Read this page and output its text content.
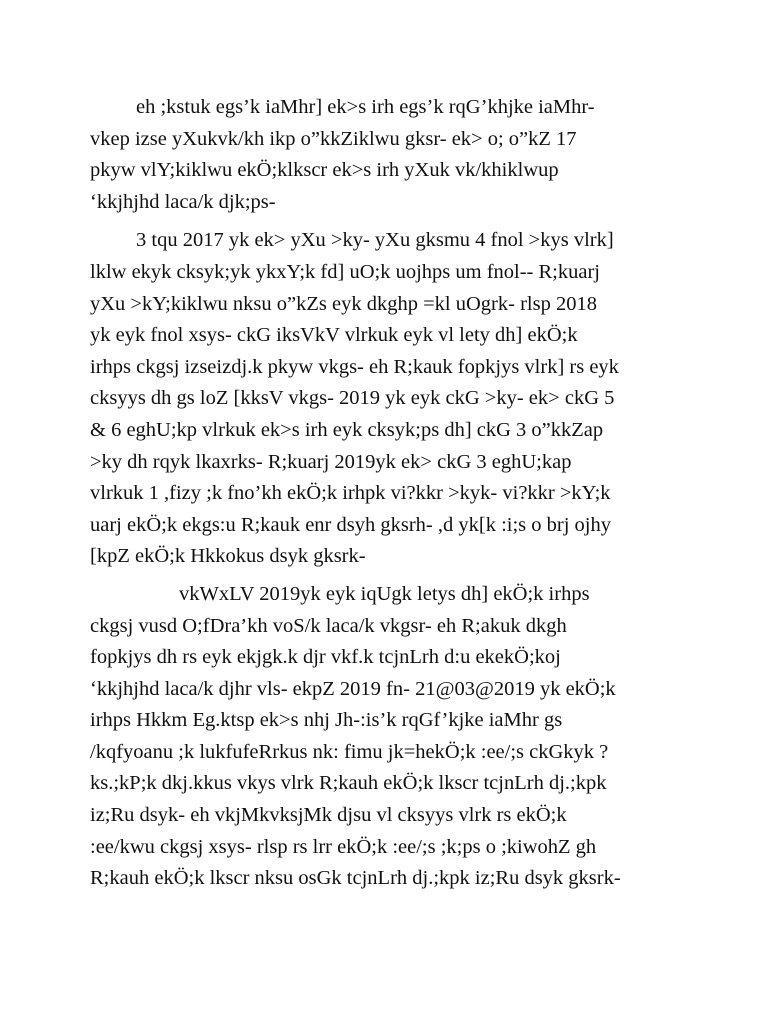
eh ;kstuk egs’k iaMhr] ek>s irh egs’k rqG’khjke iaMhr-
vkep izse yXukvk/kh ikp o”kkZiklwu gksr- ek> o; o”kZ 17
pkyw vlY;kiklwu ekÖ;klkscr ek>s irh yXuk vk/khiklwup
‘kkjhjhd laca/k djk;ps-

3 tqu 2017 yk ek> yXu >ky- yXu gksmu 4 fnol >kys vlrk]
lklw ekyk cksyk;yk ykxY;k fd] uO;k uojhps um fnol-- R;kuarj
yXu >kY;kiklwu nksu o”kZs eyk dkghp =kl uOgrk- rlsp 2018
yk eyk fnol xsys- ckG iksVkV vlrkuk eyk vl lety dh] ekÖ;k
irhps ckgsj izseizdj.k pkyw vkgs- eh R;kauk fopkjys vlrk] rs eyk
cksyys dh gs loZ [kksV vkgs- 2019 yk eyk ckG >ky- ek> ckG 5
& 6 eghU;kp vlrkuk ek>s irh eyk cksyk;ps dh] ckG 3 o”kkZap
>ky dh rqyk lkaxrks- R;kuarj 2019yk ek> ckG 3 eghU;kap
vlrkuk 1 ,fizy ;k fno’kh ekÖ;k irhpk vi?kkr >kyk- vi?kkr >kY;k
uarj ekÖ;k ekgs:u R;kauk enr dsyh gksrh- ,d yk[k :i;s o brj ojhy
[kpZ ekÖ;k Hkkokus dsyk gksrk-

vkWxLV 2019yk eyk iqUgk letys dh] ekÖ;k irhps
ckgsj vusd O;fDra’kh voS/k laca/k vkgsr- eh R;akuk dkgh
fopkjys dh rs eyk ekjgk.k djr vkf.k tcjnLrh d:u ekekÖ;koj
‘kkjhjhd laca/k djhr vls- ekpZ 2019 fn- 21@03@2019 yk ekÖ;k
irhps Hkkm Eg.ktsp ek>s nhj Jh-:is’k rqGf’kjke iaMhr gs
/kqfyoanu ;k lukfufeRrkus nk: fimu jk=hekÖ;k :ee/;s ckGkyk ?
ks.;kP;k dkj.kkus vkys vlrk R;kauh ekÖ;k lkscr tcjnLrh dj.;kpk
iz;Ru dsyk- eh vkjMkvksjMk djsu vl cksyys vlrk rs ekÖ;k
:ee/kwu ckgsj xsys- rlsp rs lrr ekÖ;k :ee/;s ;k;ps o ;kiwohZ gh
R;kauh ekÖ;k lkscr nksu osGk tcjnLrh dj.;kpk iz;Ru dsyk gksrk-
